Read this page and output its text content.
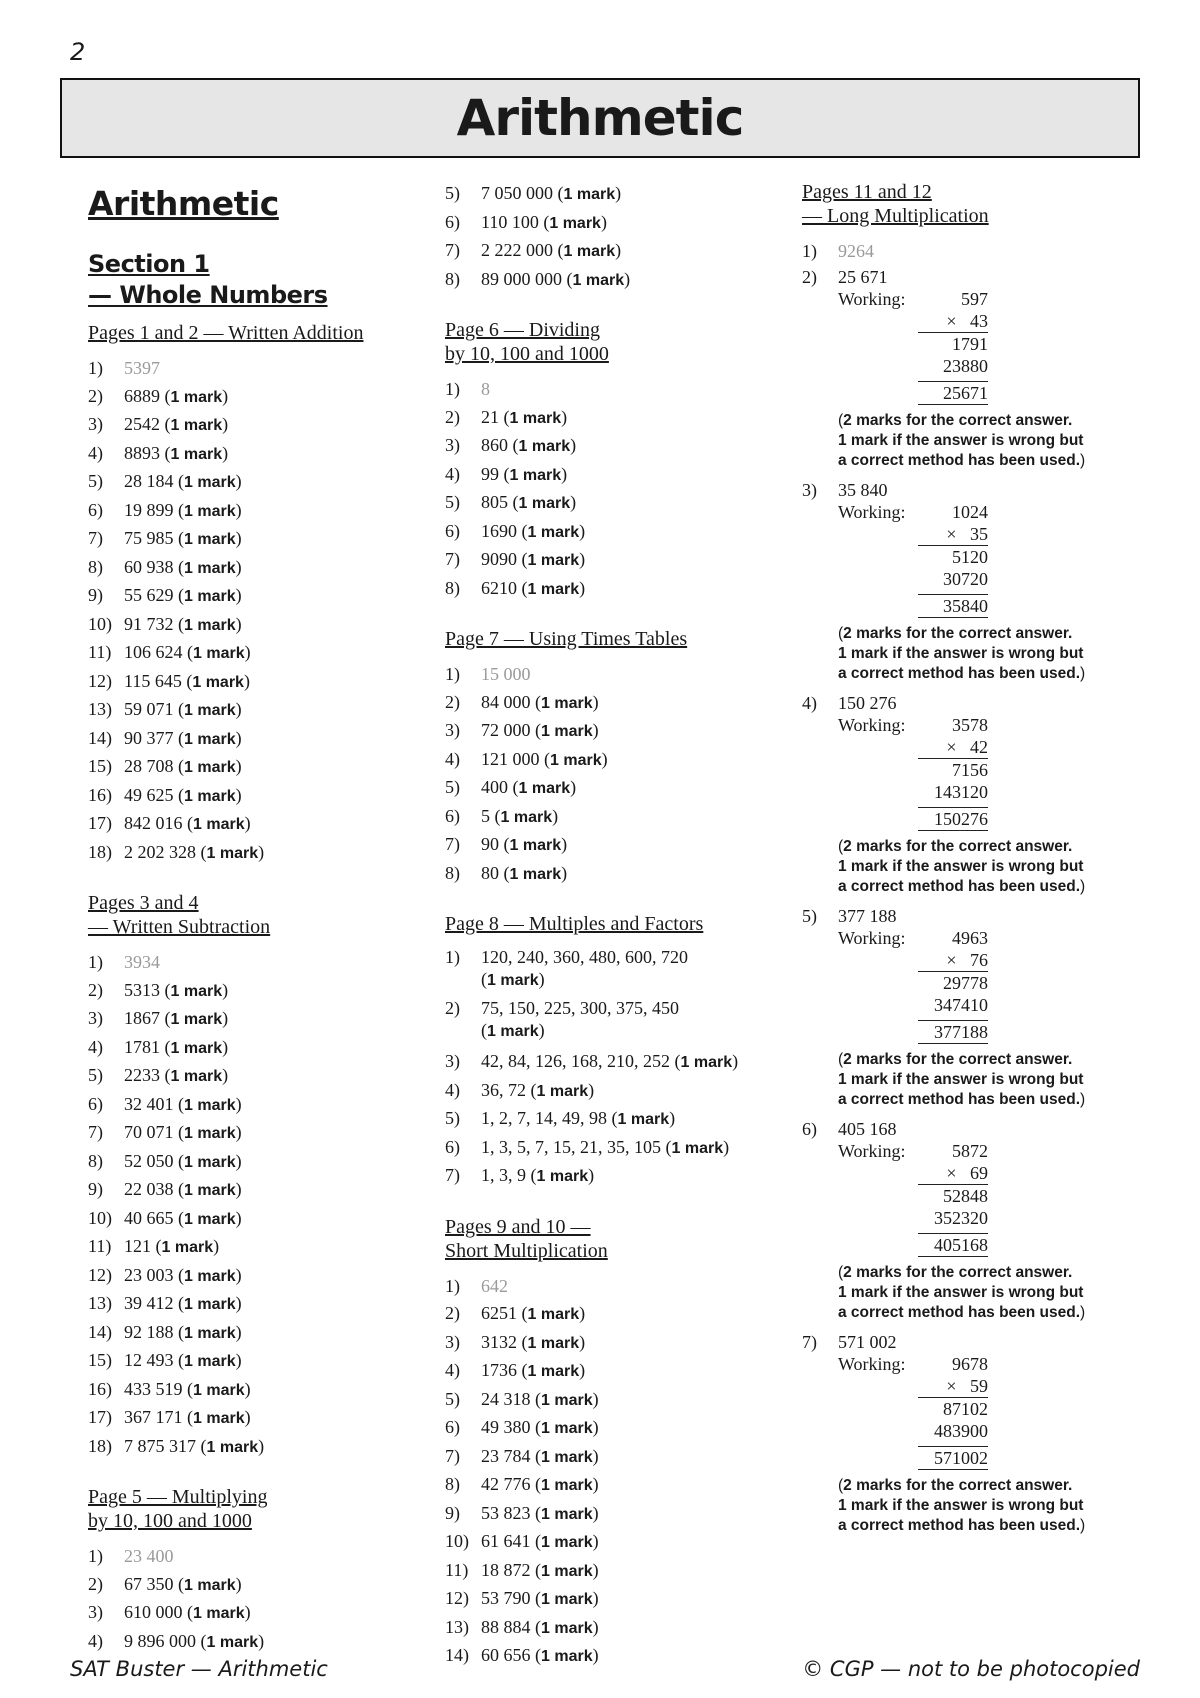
2
Arithmetic
Arithmetic
Section 1
— Whole Numbers
Pages 1 and 2 — Written Addition
1)	5397
2)	6889 (1 mark)
3)	2542 (1 mark)
4)	8893 (1 mark)
5)	28 184 (1 mark)
6)	19 899 (1 mark)
7)	75 985 (1 mark)
8)	60 938 (1 mark)
9)	55 629 (1 mark)
10) 91 732 (1 mark)
11) 106 624 (1 mark)
12) 115 645 (1 mark)
13) 59 071 (1 mark)
14) 90 377 (1 mark)
15) 28 708 (1 mark)
16) 49 625 (1 mark)
17) 842 016 (1 mark)
18) 2 202 328 (1 mark)
Pages 3 and 4
— Written Subtraction
1)	3934
2)	5313 (1 mark)
3)	1867 (1 mark)
4)	1781 (1 mark)
5)	2233 (1 mark)
6)	32 401 (1 mark)
7)	70 071 (1 mark)
8)	52 050 (1 mark)
9)	22 038 (1 mark)
10) 40 665 (1 mark)
11) 121 (1 mark)
12) 23 003 (1 mark)
13) 39 412 (1 mark)
14) 92 188 (1 mark)
15) 12 493 (1 mark)
16) 433 519 (1 mark)
17) 367 171 (1 mark)
18) 7 875 317 (1 mark)
Page 5 — Multiplying
by 10, 100 and 1000
1)	23 400
2)	67 350 (1 mark)
3)	610 000 (1 mark)
4)	9 896 000 (1 mark)
5)	7 050 000 (1 mark)
6)	110 100 (1 mark)
7)	2 222 000 (1 mark)
8)	89 000 000 (1 mark)
Page 6 — Dividing
by 10, 100 and 1000
1)	8
2)	21 (1 mark)
3)	860 (1 mark)
4)	99 (1 mark)
5)	805 (1 mark)
6)	1690 (1 mark)
7)	9090 (1 mark)
8)	6210 (1 mark)
Page 7 — Using Times Tables
1)	15 000
2)	84 000 (1 mark)
3)	72 000 (1 mark)
4)	121 000 (1 mark)
5)	400 (1 mark)
6)	5 (1 mark)
7)	90 (1 mark)
8)	80 (1 mark)
Page 8 — Multiples and Factors
1)	120, 240, 360, 480, 600, 720
(1 mark)
2)	75, 150, 225, 300, 375, 450
(1 mark)
3)	42, 84, 126, 168, 210, 252 (1 mark)
4)	36, 72 (1 mark)
5)	1, 2, 7, 14, 49, 98 (1 mark)
6)	1, 3, 5, 7, 15, 21, 35, 105 (1 mark)
7)	1, 3, 9 (1 mark)
Pages 9 and 10 —
Short Multiplication
1)	642
2)	6251 (1 mark)
3)	3132 (1 mark)
4)	1736 (1 mark)
5)	24 318 (1 mark)
6)	49 380 (1 mark)
7)	23 784 (1 mark)
8)	42 776 (1 mark)
9)	53 823 (1 mark)
10) 61 641 (1 mark)
11) 18 872 (1 mark)
12) 53 790 (1 mark)
13) 88 884 (1 mark)
14) 60 656 (1 mark)
Pages 11 and 12
— Long Multiplication
1)	9264
2)	25 671
Working:	597
×   43
1791
23880
25671
(2 marks for the correct answer.
1 mark if the answer is wrong but
a correct method has been used.)
3)	35 840
Working:	1024
×   35
5120
30720
35840
(2 marks for the correct answer.
1 mark if the answer is wrong but
a correct method has been used.)
4)	150 276
Working:	3578
×   42
7156
143120
150276
(2 marks for the correct answer.
1 mark if the answer is wrong but
a correct method has been used.)
5)	377 188
Working:	4963
×   76
29778
347410
377188
(2 marks for the correct answer.
1 mark if the answer is wrong but
a correct method has been used.)
6)	405 168
Working:	5872
×   69
52848
352320
405168
(2 marks for the correct answer.
1 mark if the answer is wrong but
a correct method has been used.)
7)	571 002
Working:	9678
×   59
87102
483900
571002
(2 marks for the correct answer.
1 mark if the answer is wrong but
a correct method has been used.)
SAT Buster — Arithmetic	© CGP — not to be photocopied
